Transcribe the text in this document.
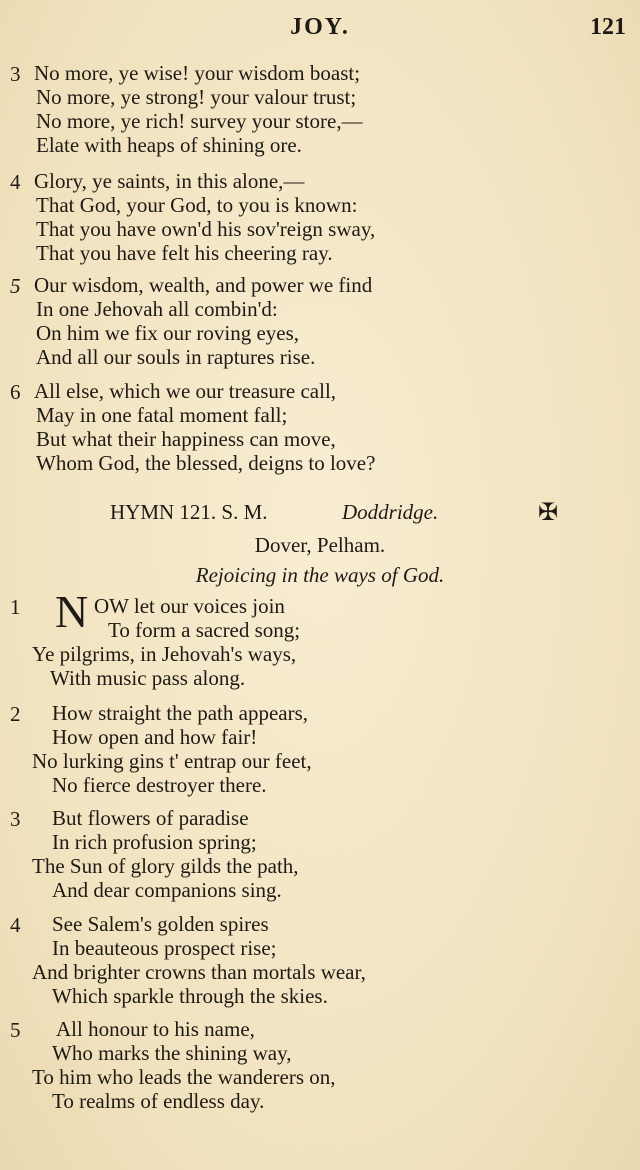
JOY.	121
3 No more, ye wise! your wisdom boast;
No more, ye strong! your valour trust;
No more, ye rich! survey your store,—
Elate with heaps of shining ore.
4 Glory, ye saints, in this alone,—
That God, your God, to you is known:
That you have own'd his sov'reign sway,
That you have felt his cheering ray.
5 Our wisdom, wealth, and power we find
In one Jehovah all combin'd:
On him we fix our roving eyes,
And all our souls in raptures rise.
6 All else, which we our treasure call,
May in one fatal moment fall;
But what their happiness can move,
Whom God, the blessed, deigns to love?
HYMN 121. S. M.	Doddridge.	✠
Dover, Pelham.
Rejoicing in the ways of God.
1	OW let our voices join
To form a sacred song;
Ye pilgrims, in Jehovah's ways,
With music pass along.
N
2 How straight the path appears,
How open and how fair!
No lurking gins t' entrap our feet,
No fierce destroyer there.
3 But flowers of paradise
In rich profusion spring;
The Sun of glory gilds the path,
And dear companions sing.
4 See Salem's golden spires
In beauteous prospect rise;
And brighter crowns than mortals wear,
Which sparkle through the skies.
5 All honour to his name,
Who marks the shining way,
To him who leads the wanderers on,
To realms of endless day.
